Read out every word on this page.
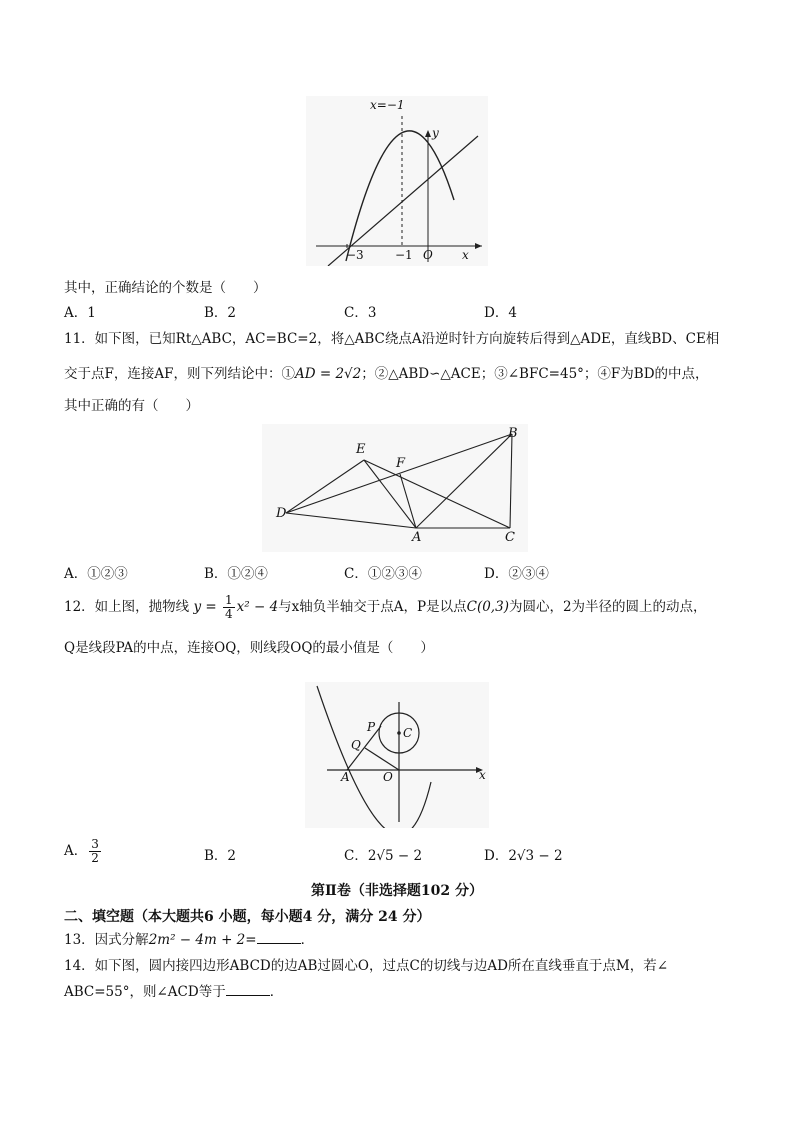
x=−1
y
x
O
−3	−1
其中，正确结论的个数是（　　）
A．1	B．2	C．3	D．4
11．如下图，已知Rt△ABC，AC=BC=2，将△ABC绕点A沿逆时针方向旋转后得到△ADE，直线BD、CE相
交于点F，连接AF，则下列结论中：①AD = 2√2；②△ABD∽△ACE；③∠BFC=45°；④F为BD的中点，
其中正确的有（　　）
E
F
B
D
A	C
A．①②③	B．①②④	C．①②③④	D．②③④
12．如上图，抛物线 $y = \frac{1}{4} x^2 - 4$与x轴负半轴交于点A，P是以点C(0,3)为圆心，2为半径的圆上的动点，
Q是线段PA的中点，连接OQ，则线段OQ的最小值是（　　）
P C
Q
A	O	x
A． $\frac{3}{2}$	B．2	C．2√5 − 2	D．2√3 − 2
第Ⅱ卷（非选择题102 分）
二、填空题（本大题共6 小题，每小题4 分，满分 24 分）
13．因式分解2m² − 4m + 2=	．
14．如下图，圆内接四边形ABCD的边AB过圆心O，过点C的切线与边AD所在直线垂直于点M，若∠
ABC=55°，则∠ACD等于	．
